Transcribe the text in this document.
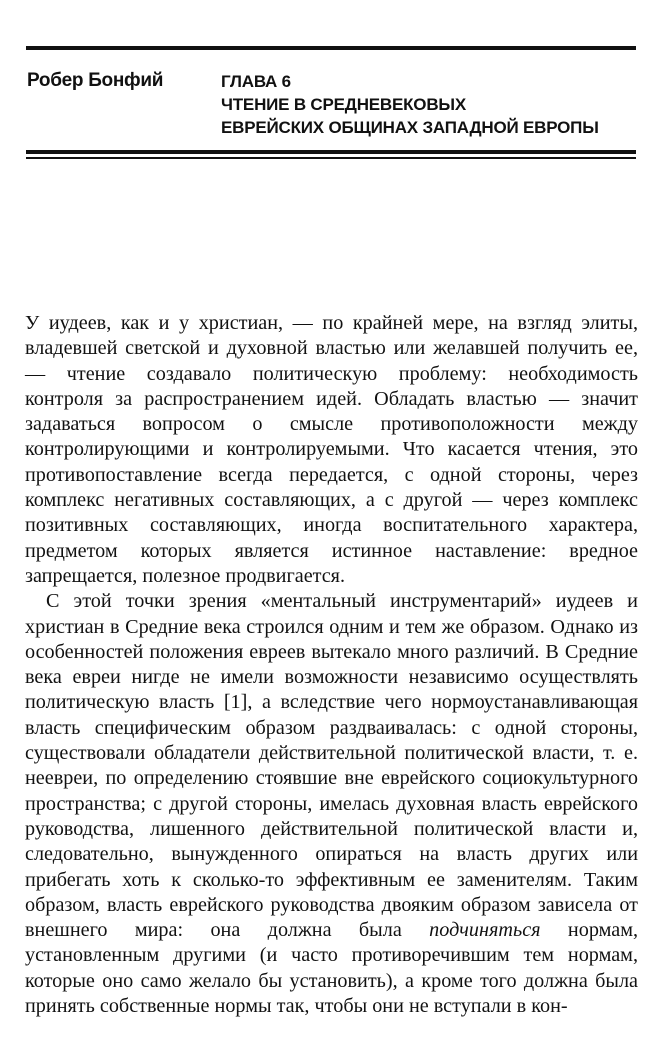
Робер Бонфий	ГЛАВА 6
ЧТЕНИЕ В СРЕДНЕВЕКОВЫХ
ЕВРЕЙСКИХ ОБЩИНАХ ЗАПАДНОЙ ЕВРОПЫ

У иудеев, как и у христиан, — по крайней мере, на взгляд элиты, владевшей светской и духовной властью или желавшей получить ее, — чтение создавало политическую проблему: необходимость контроля за распространением идей. Обладать властью — значит задаваться вопросом о смысле противоположности между контролирующими и контролируемыми. Что касается чтения, это противопоставление всегда передается, с одной стороны, через комплекс негативных составляющих, а с другой — через комплекс позитивных составляющих, иногда воспитательного характера, предметом которых является истинное наставление: вредное запрещается, полезное продвигается.

С этой точки зрения «ментальный инструментарий» иудеев и христиан в Средние века строился одним и тем же образом. Однако из особенностей положения евреев вытекало много различий. В Средние века евреи нигде не имели возможности независимо осуществлять политическую власть [1], а вследствие чего нормоустанавливающая власть специфическим образом раздваивалась: с одной стороны, существовали обладатели действительной политической власти, т. е. неевреи, по определению стоявшие вне еврейского социокультурного пространства; с другой стороны, имелась духовная власть еврейского руководства, лишенного действительной политической власти и, следовательно, вынужденного опираться на власть других или прибегать хоть к сколько-то эффективным ее заменителям. Таким образом, власть еврейского руководства двояким образом зависела от внешнего мира: она должна была подчиняться нормам, установленным другими (и часто противоречившим тем нормам, которые оно само желало бы установить), а кроме того должна была принять собственные нормы так, чтобы они не вступали в кон-
